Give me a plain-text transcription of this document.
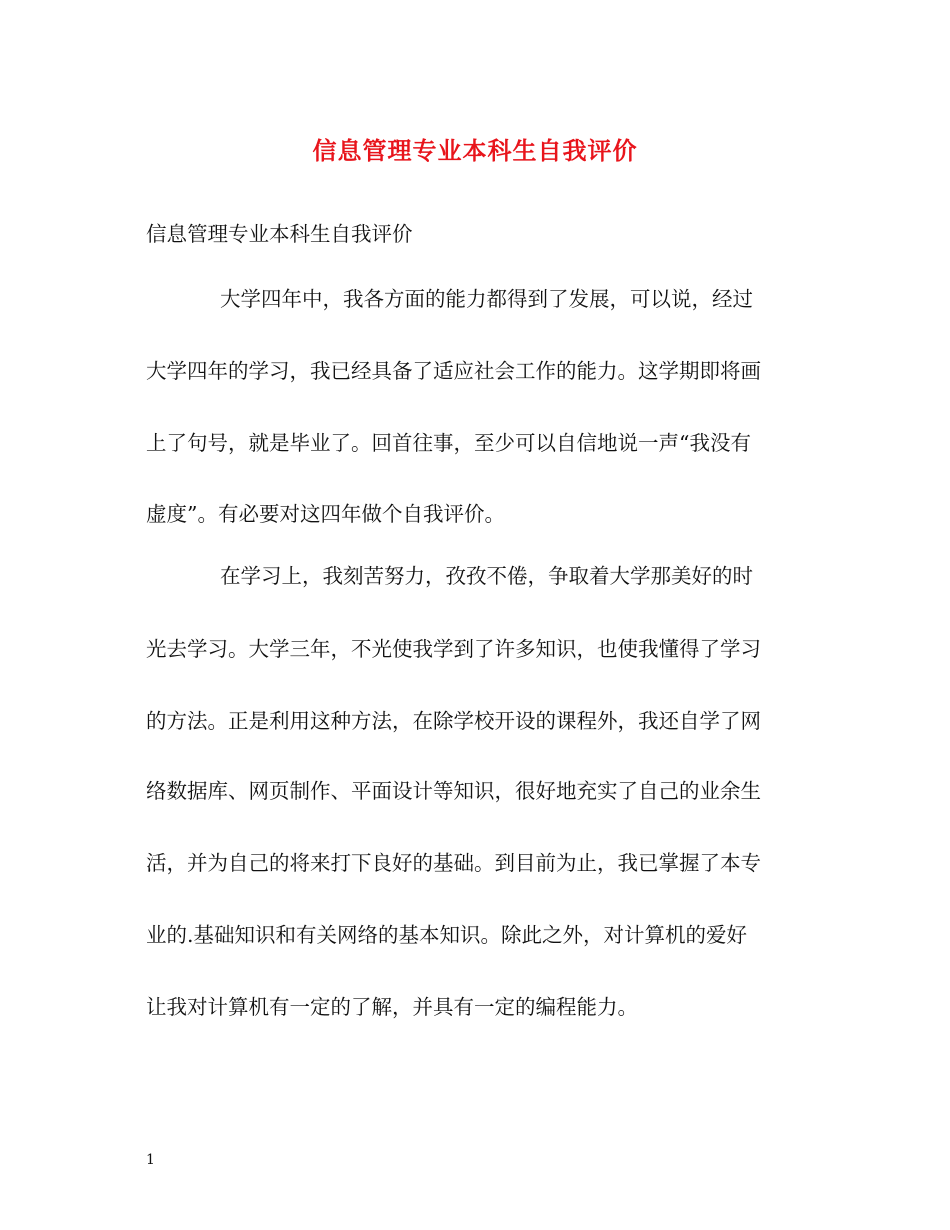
信息管理专业本科生自我评价
信息管理专业本科生自我评价
大学四年中，我各方面的能力都得到了发展，可以说，经过
大学四年的学习，我已经具备了适应社会工作的能力。这学期即将画
上了句号，就是毕业了。回首往事，至少可以自信地说一声“我没有
虚度”。有必要对这四年做个自我评价。
在学习上，我刻苦努力，孜孜不倦，争取着大学那美好的时
光去学习。大学三年，不光使我学到了许多知识，也使我懂得了学习
的方法。正是利用这种方法，在除学校开设的课程外，我还自学了网
络数据库、网页制作、平面设计等知识，很好地充实了自己的业余生
活，并为自己的将来打下良好的基础。到目前为止，我已掌握了本专
业的.基础知识和有关网络的基本知识。除此之外，对计算机的爱好
让我对计算机有一定的了解，并具有一定的编程能力。
1
